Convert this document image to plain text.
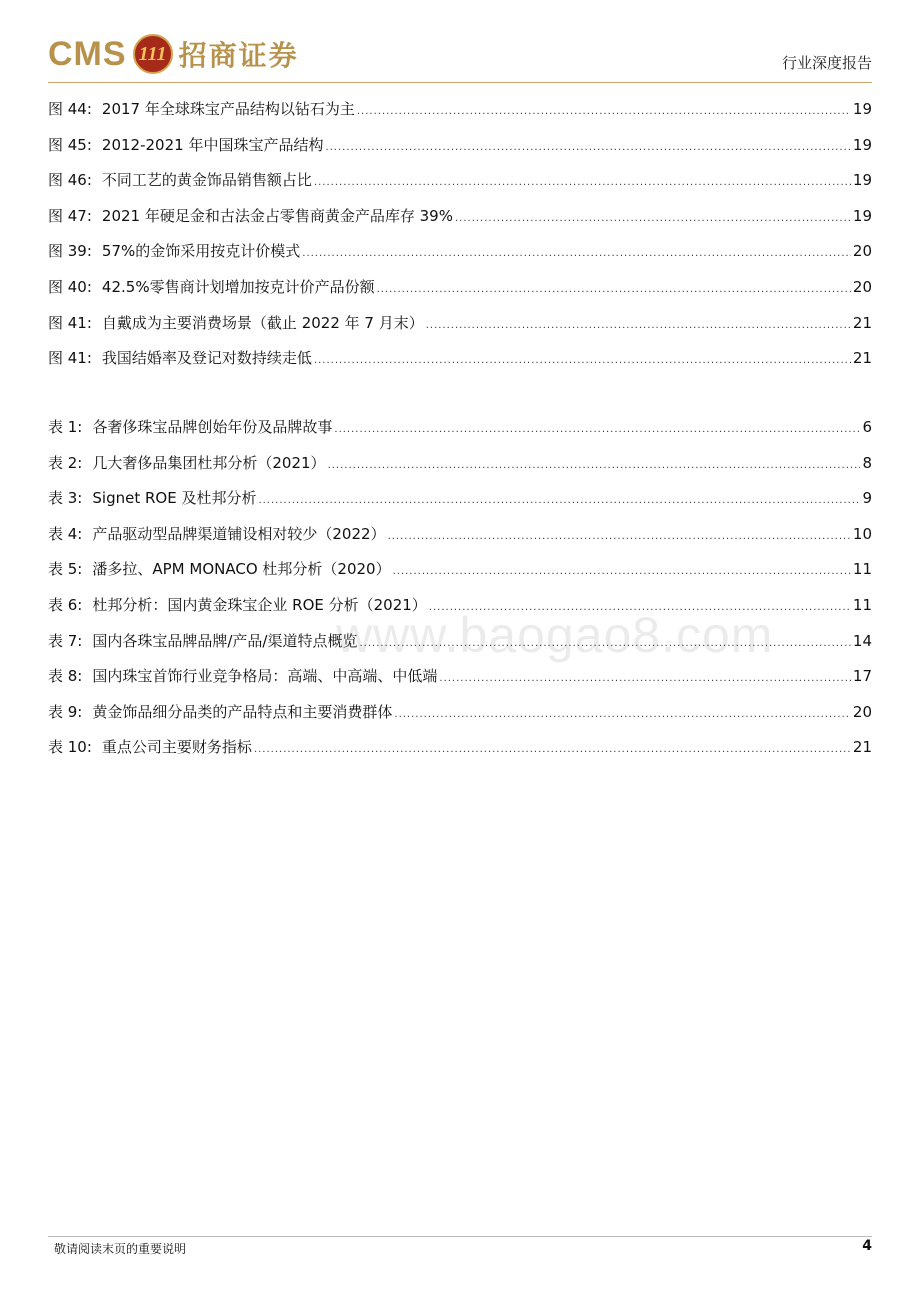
CMS 111 招商证券	行业深度报告
图 44: 2017 年全球珠宝产品结构以钻石为主 .....	19
图 45: 2012-2021 年中国珠宝产品结构 .....	19
图 46: 不同工艺的黄金饰品销售额占比 .....	19
图 47: 2021 年硬足金和古法金占零售商黄金产品库存 39% .....	19
图 39: 57%的金饰采用按克计价模式 .....	20
图 40: 42.5%零售商计划增加按克计价产品份额 .....	20
图 41: 自戴成为主要消费场景（截止 2022 年 7 月末） .....	21
图 41: 我国结婚率及登记对数持续走低 .....	21
表 1: 各奢侈珠宝品牌创始年份及品牌故事 .....	6
表 2: 几大奢侈品集团杜邦分析（2021） .....	8
表 3: Signet ROE 及杜邦分析 .....	9
表 4: 产品驱动型品牌渠道铺设相对较少（2022） .....	10
表 5: 潘多拉、APM MONACO 杜邦分析（2020） .....	11
表 6: 杜邦分析：国内黄金珠宝企业 ROE 分析（2021） .....	11
表 7: 国内各珠宝品牌品牌/产品/渠道特点概览 .....	14
表 8: 国内珠宝首饰行业竞争格局：高端、中高端、中低端 .....	17
表 9: 黄金饰品细分品类的产品特点和主要消费群体 .....	20
表 10: 重点公司主要财务指标 .....	21
www.baogao8.com
敬请阅读末页的重要说明	4
